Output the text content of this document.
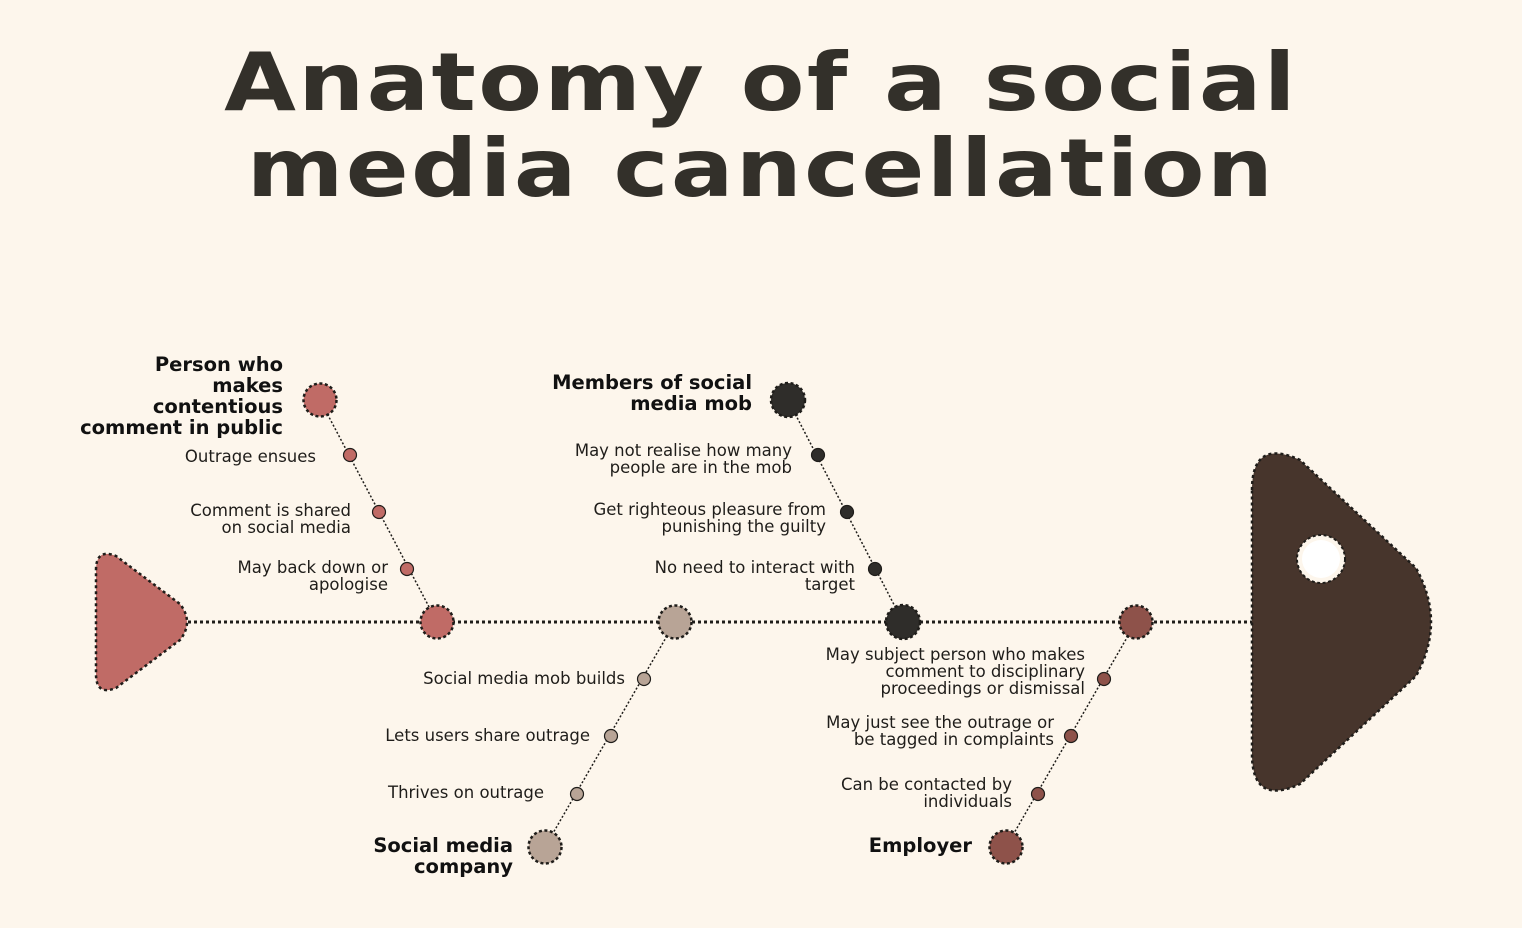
Anatomy of a social
media cancellation
Person who
makes
contentious
comment in public
Outrage ensues
Comment is shared
on social media
May back down or
apologise
Members of social
media mob
May not realise how many
people are in the mob
Get righteous pleasure from
punishing the guilty
No need to interact with
target
Social media mob builds
Lets users share outrage
Thrives on outrage
Social media
company
May subject person who makes
comment to disciplinary
proceedings or dismissal
May just see the outrage or
be tagged in complaints
Can be contacted by
individuals
Employer
